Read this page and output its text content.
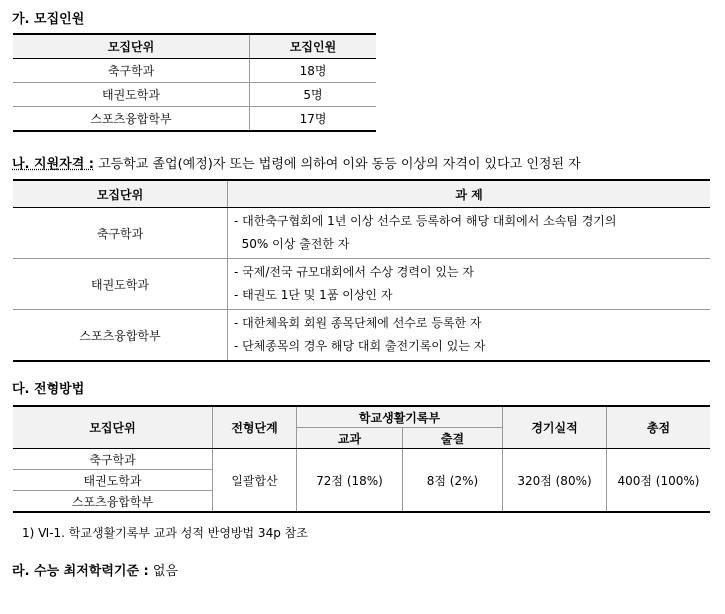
가. 모집인원
모집단위	모집인원
축구학과	18명
태권도학과	5명
스포츠융합학부	17명
나. 지원자격 : 고등학교 졸업(예정)자 또는 법령에 의하여 이와 동등 이상의 자격이 있다고 인정된 자
모집단위	과 제
축구학과	- 대한축구협회에 1년 이상 선수로 등록하여 해당 대회에서 소속팀 경기의
50% 이상 출전한 자

태권도학과	- 국제/전국 규모대회에서 수상 경력이 있는 자
- 태권도 1단 및 1품 이상인 자

스포츠융합학부	- 대한체육회 회원 종목단체에 선수로 등록한 자
- 단체종목의 경우 해당 대회 출전기록이 있는 자
다. 전형방법
모집단위	전형단계	학교생활기록부		경기실적	총점
		교과	출결		
축구학과	일괄합산	72점 (18%)	8점 (2%)	320점 (80%)	400점 (100%)
태권도학과					
스포츠융합학부					
1) Ⅵ-1. 학교생활기록부 교과 성적 반영방법 34p 참조
라. 수능 최저학력기준 : 없음
